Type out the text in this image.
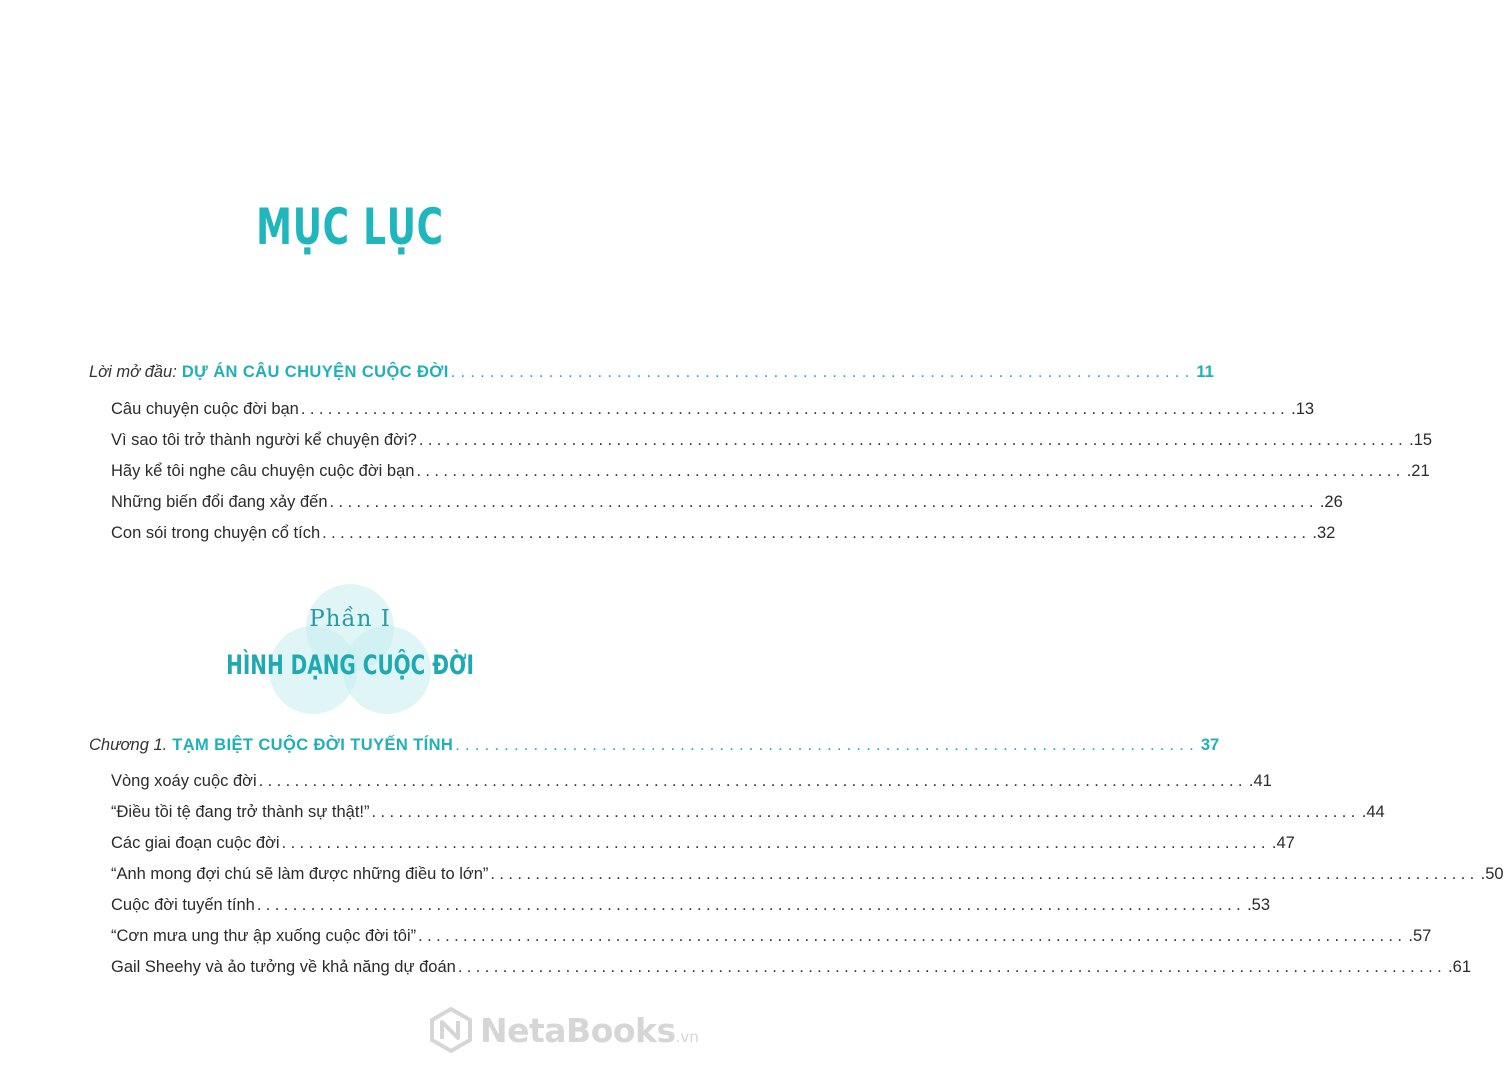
MỤC LỤC
Lời mở đầu: DỰ ÁN CÂU CHUYỆN CUỘC ĐỜI ............................................................................ 11
Câu chuyện cuộc đời bạn .............................................................................................................. .13
Vì sao tôi trở thành người kể chuyện đời? .............................................................................................................. .15
Hãy kể tôi nghe câu chuyện cuộc đời bạn .............................................................................................................. .21
Những biến đổi đang xảy đến .............................................................................................................. .26
Con sói trong chuyện cổ tích .............................................................................................................. .32
Phần I
HÌNH DẠNG CUỘC ĐỜI
Chương 1. TẠM BIỆT CUỘC ĐỜI TUYẾN TÍNH ............................................................................ 37
Vòng xoáy cuộc đời .............................................................................................................. .41
“Điều tồi tệ đang trở thành sự thật!” .............................................................................................................. .44
Các giai đoạn cuộc đời .............................................................................................................. .47
“Anh mong đợi chú sẽ làm được những điều to lớn” .............................................................................................................. .50
Cuộc đời tuyến tính .............................................................................................................. .53
“Cơn mưa ung thư ập xuống cuộc đời tôi” .............................................................................................................. .57
Gail Sheehy và ảo tưởng về khả năng dự đoán .............................................................................................................. .61
NetaBooks .vn
